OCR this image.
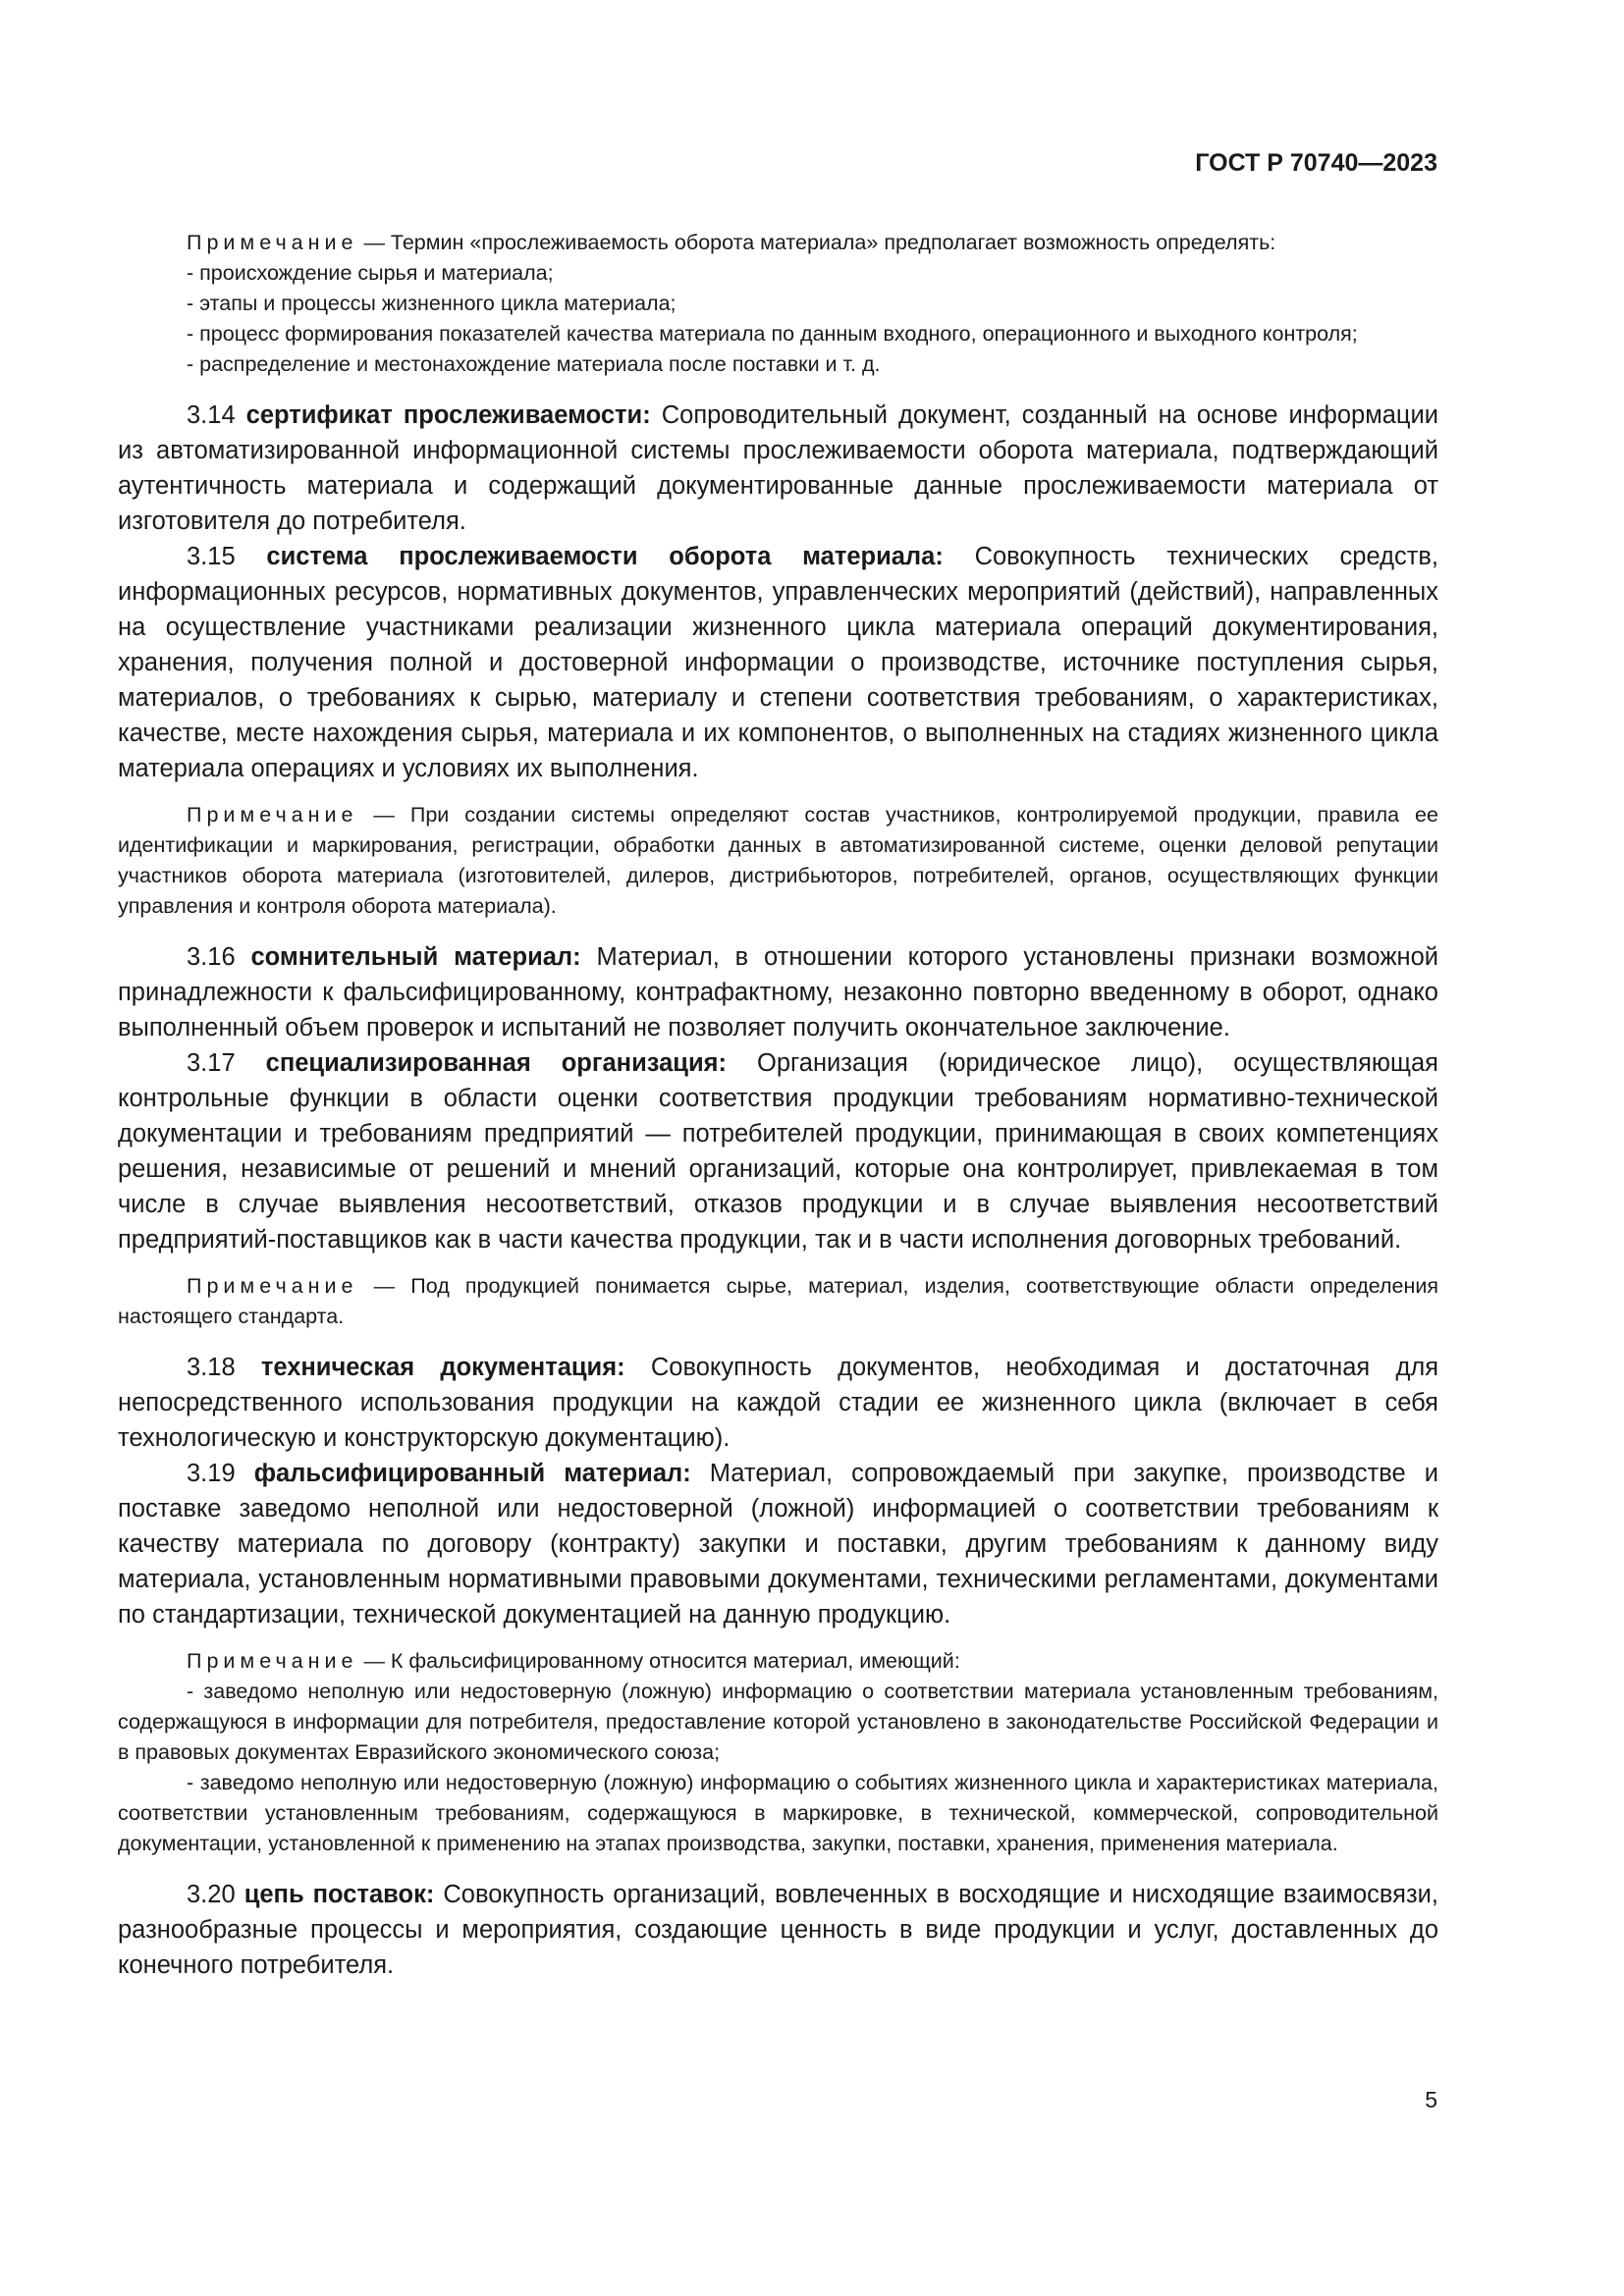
ГОСТ Р 70740—2023
Примечание — Термин «прослеживаемость оборота материала» предполагает возможность определять:
- происхождение сырья и материала;
- этапы и процессы жизненного цикла материала;
- процесс формирования показателей качества материала по данным входного, операционного и выходного контроля;
- распределение и местонахождение материала после поставки и т. д.

3.14 сертификат прослеживаемости: Сопроводительный документ, созданный на основе информации из автоматизированной информационной системы прослеживаемости оборота материала, подтверждающий аутентичность материала и содержащий документированные данные прослеживаемости материала от изготовителя до потребителя.

3.15 система прослеживаемости оборота материала: Совокупность технических средств, информационных ресурсов, нормативных документов, управленческих мероприятий (действий), направленных на осуществление участниками реализации жизненного цикла материала операций документирования, хранения, получения полной и достоверной информации о производстве, источнике поступления сырья, материалов, о требованиях к сырью, материалу и степени соответствия требованиям, о характеристиках, качестве, месте нахождения сырья, материала и их компонентов, о выполненных на стадиях жизненного цикла материала операциях и условиях их выполнения.

Примечание — При создании системы определяют состав участников, контролируемой продукции, правила ее идентификации и маркирования, регистрации, обработки данных в автоматизированной системе, оценки деловой репутации участников оборота материала (изготовителей, дилеров, дистрибьюторов, потребителей, органов, осуществляющих функции управления и контроля оборота материала).

3.16 сомнительный материал: Материал, в отношении которого установлены признаки возможной принадлежности к фальсифицированному, контрафактному, незаконно повторно введенному в оборот, однако выполненный объем проверок и испытаний не позволяет получить окончательное заключение.

3.17 специализированная организация: Организация (юридическое лицо), осуществляющая контрольные функции в области оценки соответствия продукции требованиям нормативно-технической документации и требованиям предприятий — потребителей продукции, принимающая в своих компетенциях решения, независимые от решений и мнений организаций, которые она контролирует, привлекаемая в том числе в случае выявления несоответствий, отказов продукции и в случае выявления несоответствий предприятий-поставщиков как в части качества продукции, так и в части исполнения договорных требований.

Примечание — Под продукцией понимается сырье, материал, изделия, соответствующие области определения настоящего стандарта.

3.18 техническая документация: Совокупность документов, необходимая и достаточная для непосредственного использования продукции на каждой стадии ее жизненного цикла (включает в себя технологическую и конструкторскую документацию).

3.19 фальсифицированный материал: Материал, сопровождаемый при закупке, производстве и поставке заведомо неполной или недостоверной (ложной) информацией о соответствии требованиям к качеству материала по договору (контракту) закупки и поставки, другим требованиям к данному виду материала, установленным нормативными правовыми документами, техническими регламентами, документами по стандартизации, технической документацией на данную продукцию.

Примечание — К фальсифицированному относится материал, имеющий:
- заведомо неполную или недостоверную (ложную) информацию о соответствии материала установленным требованиям, содержащуюся в информации для потребителя, предоставление которой установлено в законодательстве Российской Федерации и в правовых документах Евразийского экономического союза;
- заведомо неполную или недостоверную (ложную) информацию о событиях жизненного цикла и характеристиках материала, соответствии установленным требованиям, содержащуюся в маркировке, в технической, коммерческой, сопроводительной документации, установленной к применению на этапах производства, закупки, поставки, хранения, применения материала.

3.20 цепь поставок: Совокупность организаций, вовлеченных в восходящие и нисходящие взаимосвязи, разнообразные процессы и мероприятия, создающие ценность в виде продукции и услуг, доставленных до конечного потребителя.

5
